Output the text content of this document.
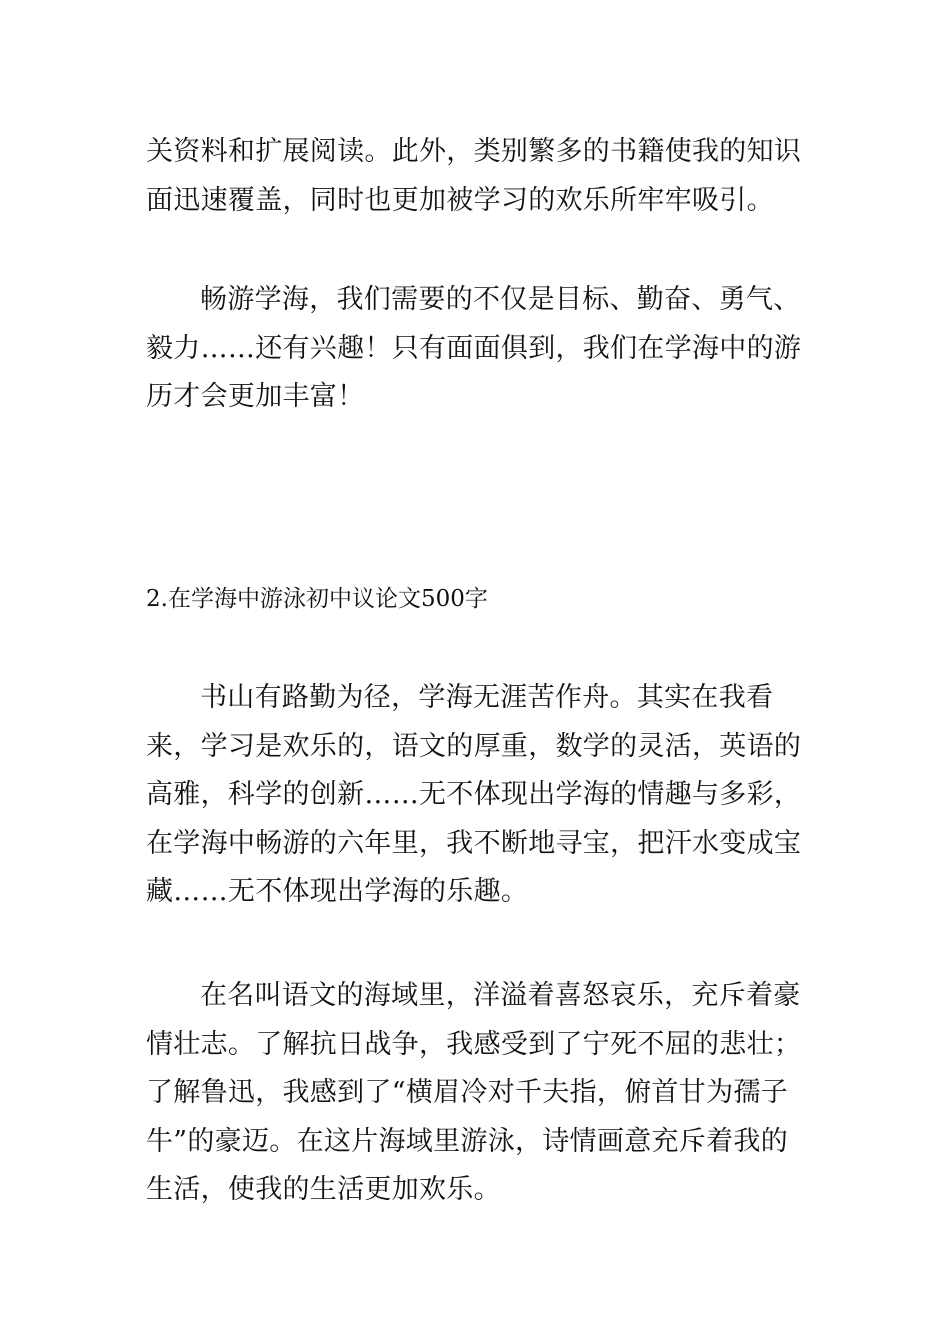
关资料和扩展阅读。此外，类别繁多的书籍使我的知识面迅速覆盖，同时也更加被学习的欢乐所牢牢吸引。

畅游学海，我们需要的不仅是目标、勤奋、勇气、毅力……还有兴趣！只有面面俱到，我们在学海中的游历才会更加丰富！

2.在学海中游泳初中议论文500字

书山有路勤为径，学海无涯苦作舟。其实在我看来，学习是欢乐的，语文的厚重，数学的灵活，英语的高雅，科学的创新……无不体现出学海的情趣与多彩，在学海中畅游的六年里，我不断地寻宝，把汗水变成宝藏……无不体现出学海的乐趣。

在名叫语文的海域里，洋溢着喜怒哀乐，充斥着豪情壮志。了解抗日战争，我感受到了宁死不屈的悲壮；了解鲁迅，我感到了“横眉冷对千夫指，俯首甘为孺子牛”的豪迈。在这片海域里游泳，诗情画意充斥着我的生活，使我的生活更加欢乐。
